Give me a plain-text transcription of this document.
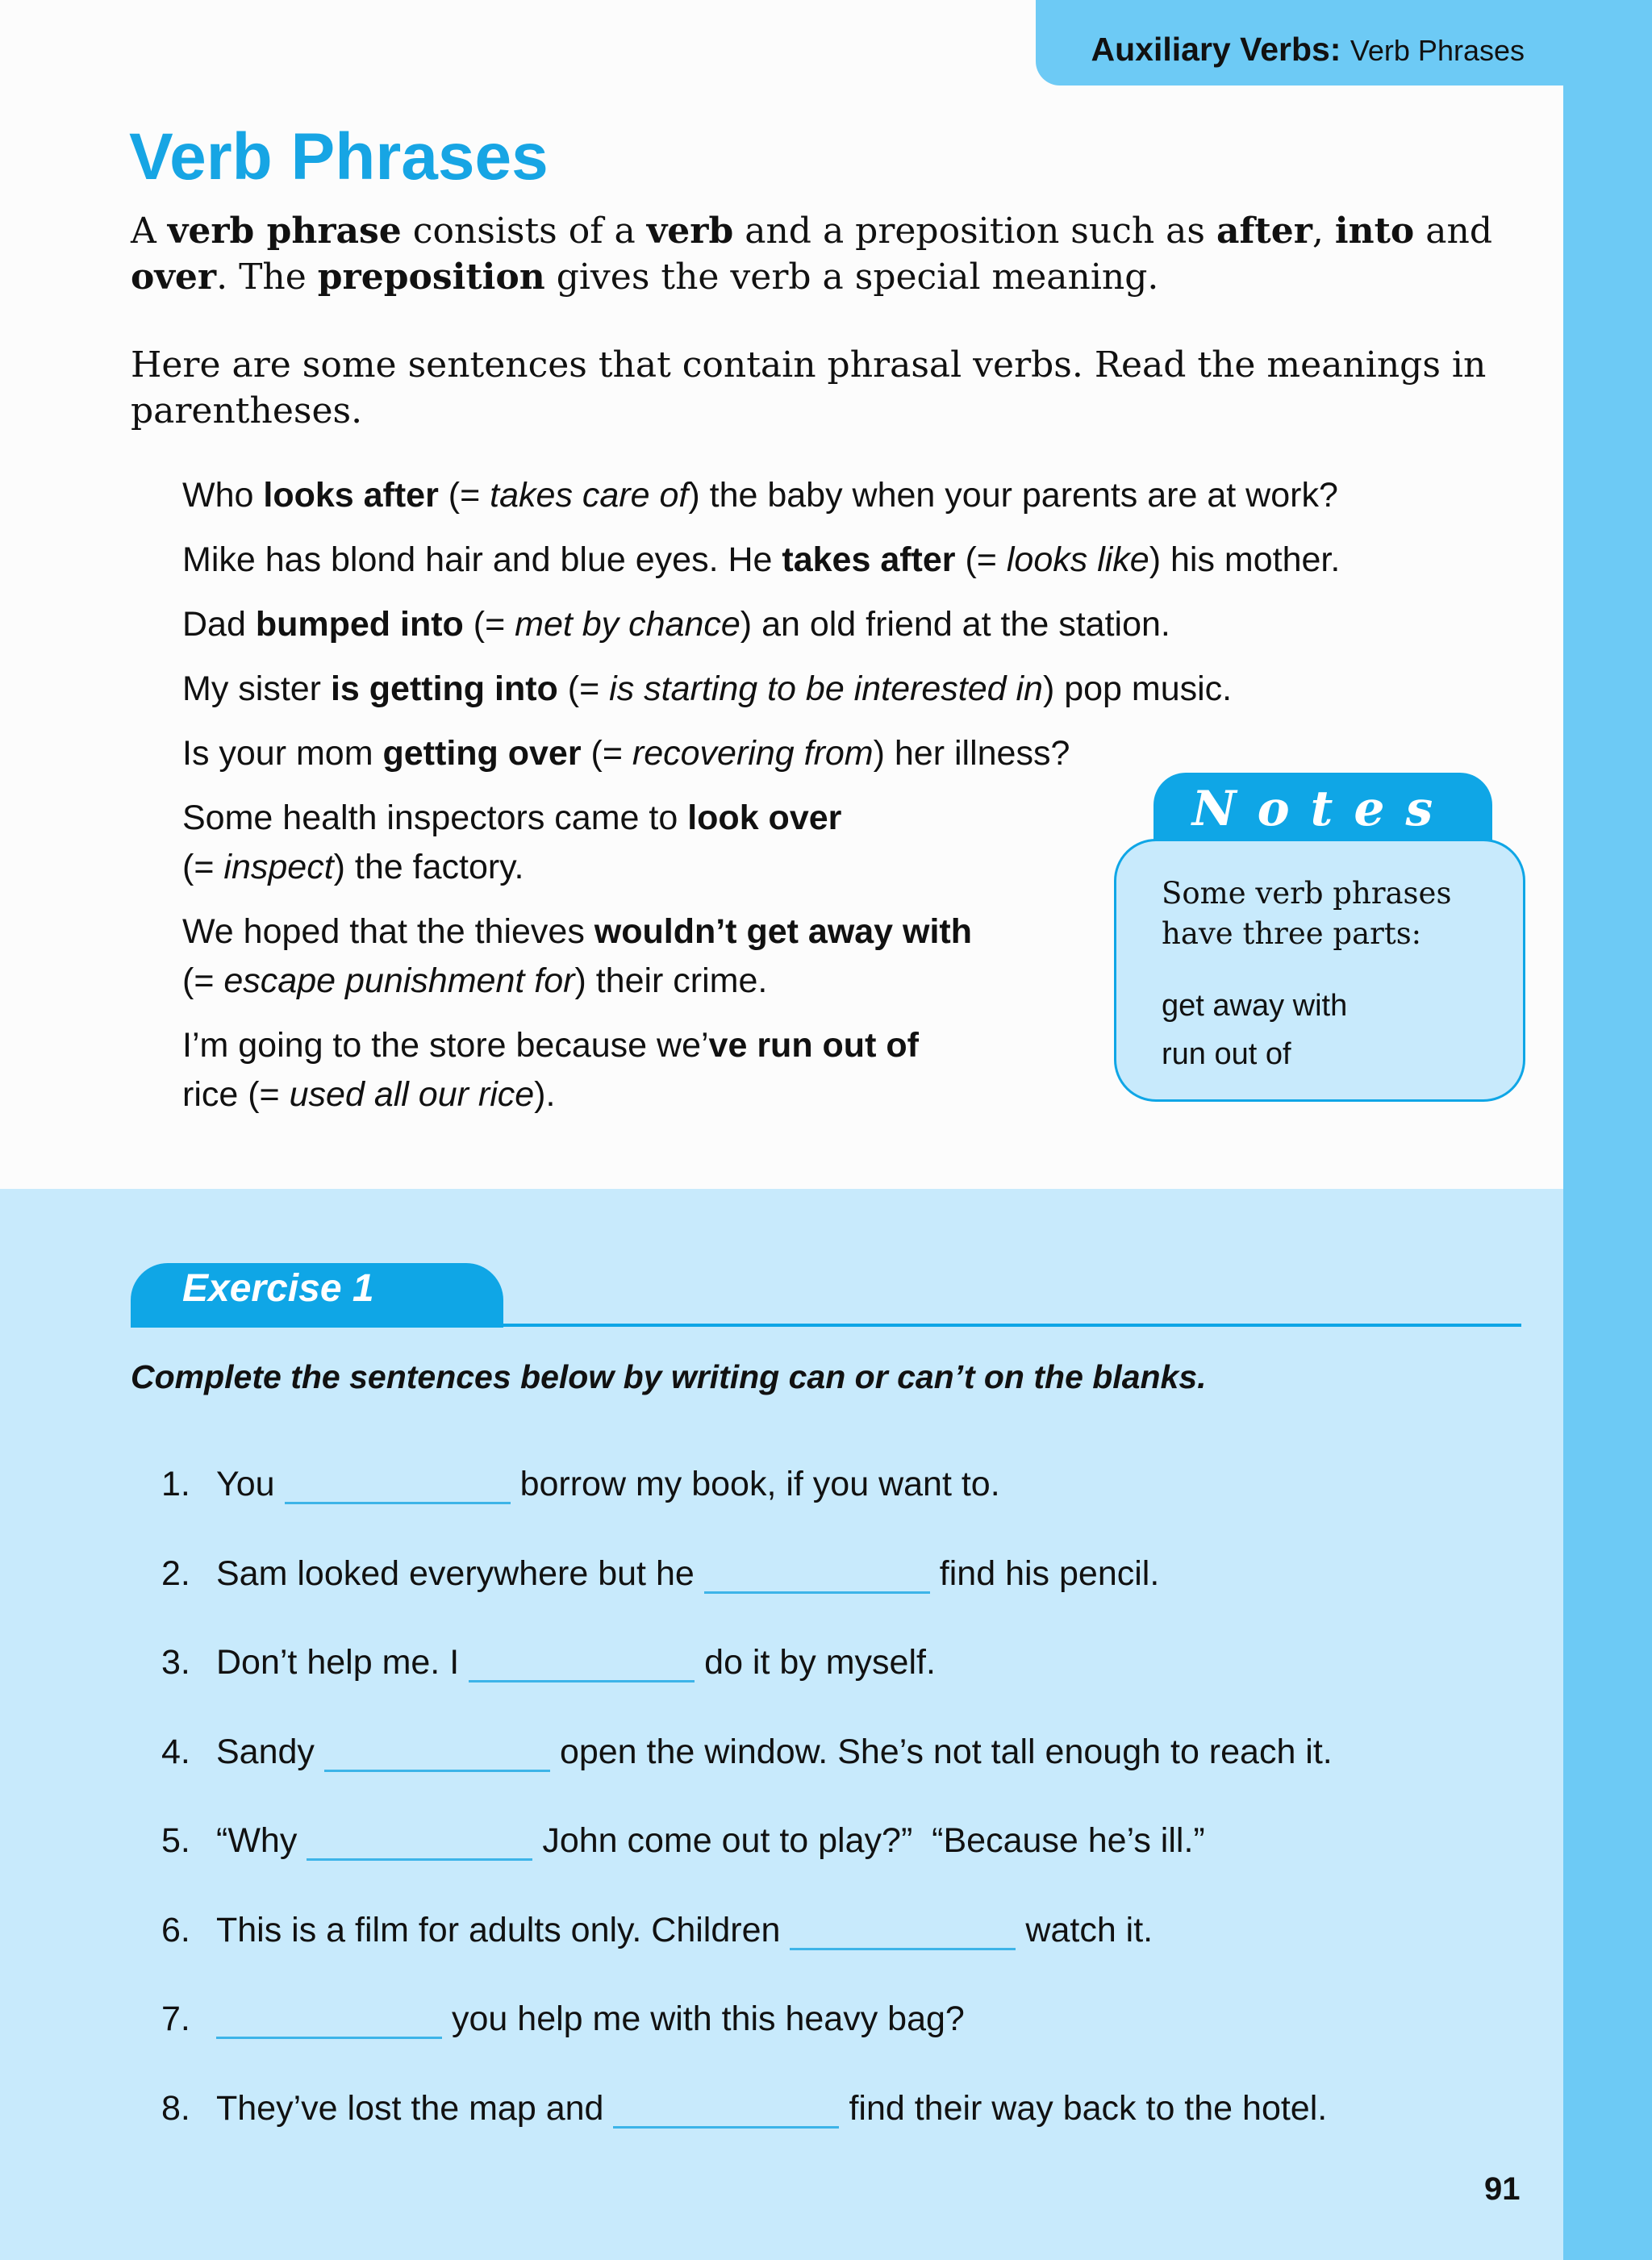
Auxiliary Verbs: Verb Phrases
Verb Phrases
A verb phrase consists of a verb and a preposition such as after, into and over. The preposition gives the verb a special meaning.
Here are some sentences that contain phrasal verbs. Read the meanings in parentheses.
Who looks after (= takes care of) the baby when your parents are at work?
Mike has blond hair and blue eyes. He takes after (= looks like) his mother.
Dad bumped into (= met by chance) an old friend at the station.
My sister is getting into (= is starting to be interested in) pop music.
Is your mom getting over (= recovering from) her illness?
Some health inspectors came to look over
(= inspect) the factory.
We hoped that the thieves wouldn’t get away with
(= escape punishment for) their crime.
I’m going to the store because we’ve run out of
rice (= used all our rice).
Notes
Some verb phrases have three parts:
get away with
run out of
Exercise 1
Complete the sentences below by writing can or can’t on the blanks.
1. You	borrow my book, if you want to.
2. Sam looked everywhere but he	find his pencil.
3. Don’t help me. I	do it by myself.
4. Sandy	open the window. She’s not tall enough to reach it.
5. “Why	John come out to play?”  “Because he’s ill.”
6. This is a film for adults only. Children	watch it.
7.	you help me with this heavy bag?
8. They’ve lost the map and	find their way back to the hotel.
91
